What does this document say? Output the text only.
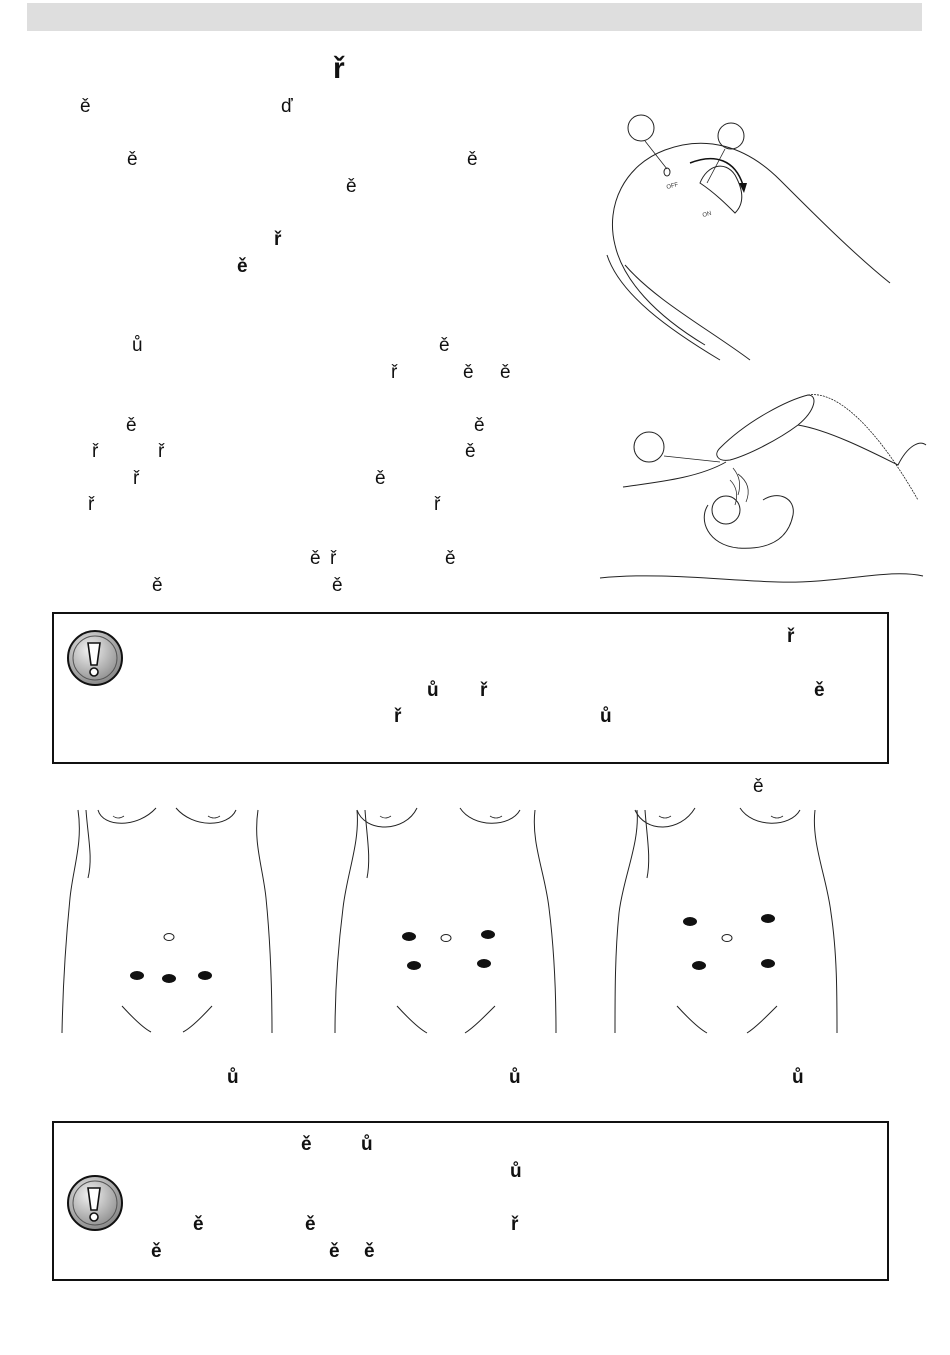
ř
ě	ď
ě	ě
ě
ř
ě
ů	ě
ř	ě ě
ě	ě
ř	ř	ě
ř	ě
ř	ř
ě ř	ě
ě	ě
OFF
ON
ř
ů ř	ě
ř	ů
ě
ů	ů	ů
ě	ů
ů
ě	ě	ř
ě	ě ě
